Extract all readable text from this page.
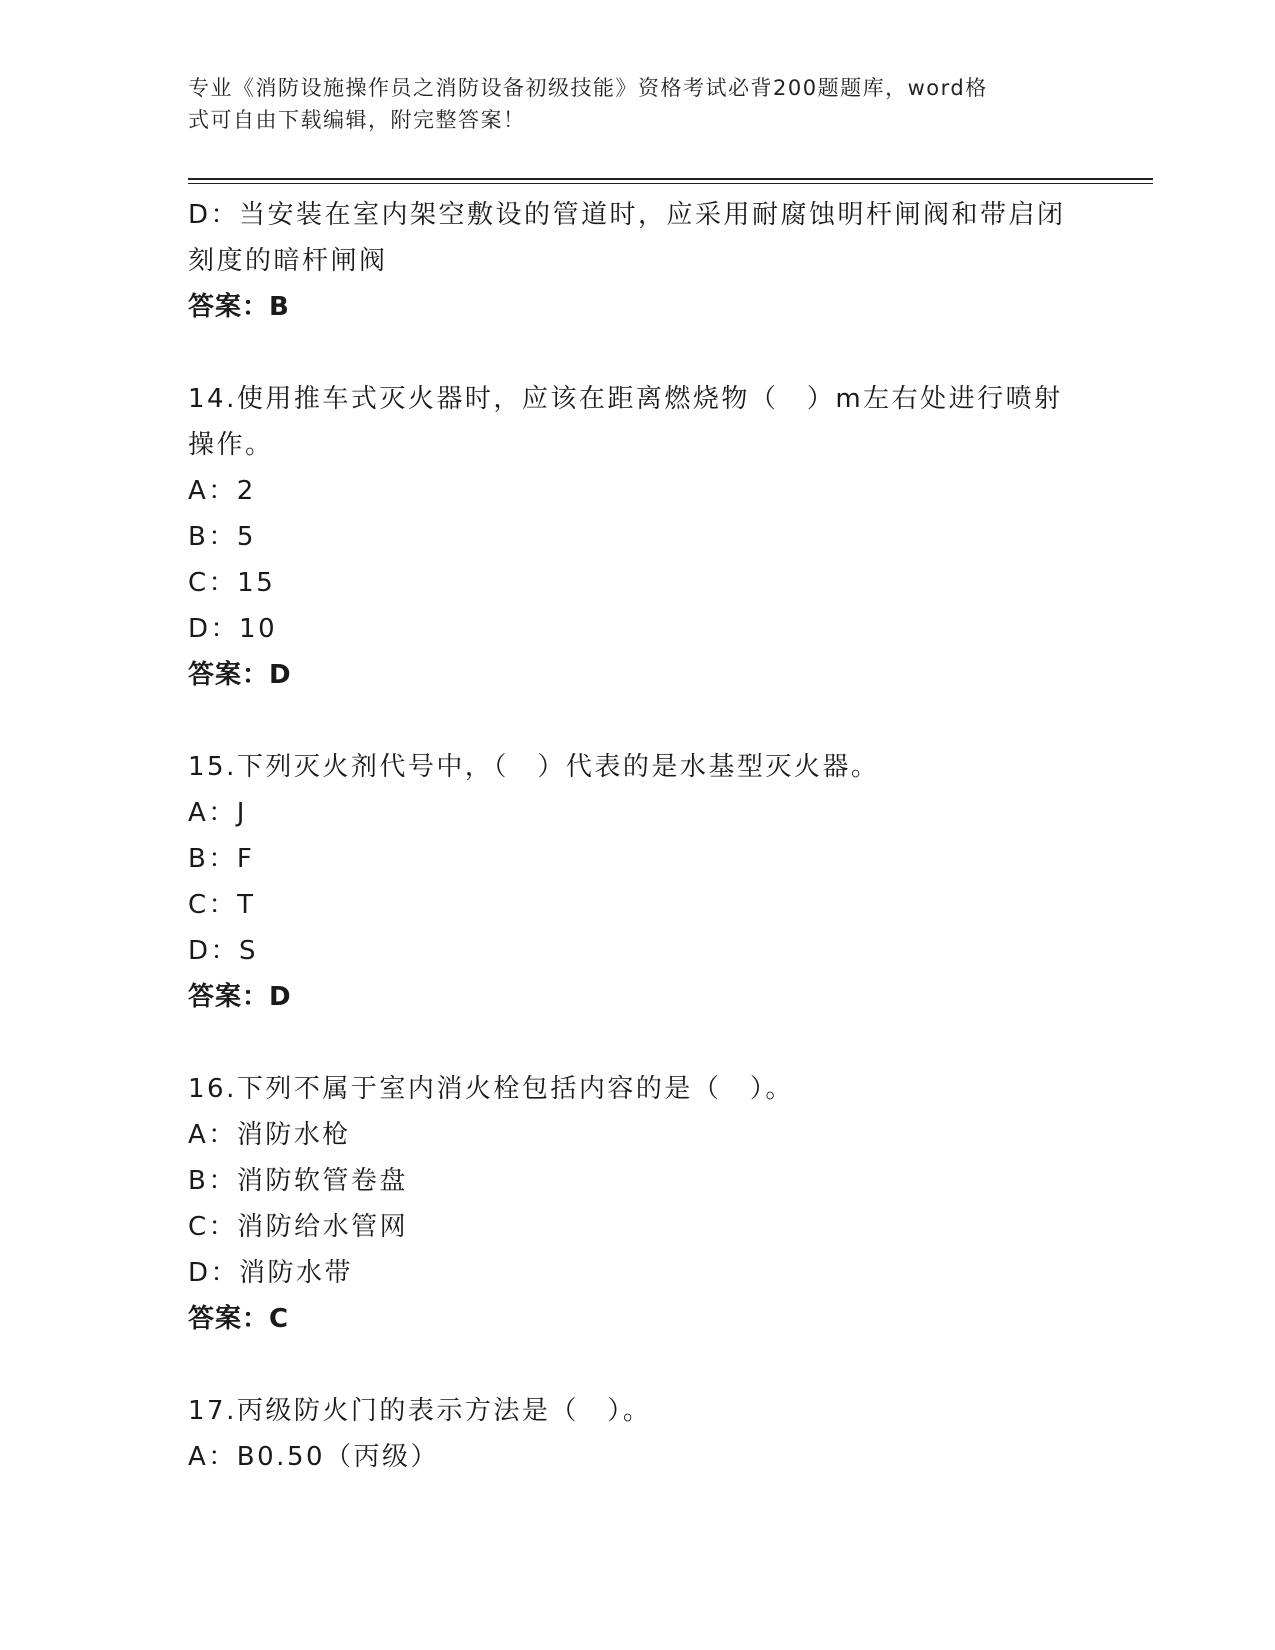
专业《消防设施操作员之消防设备初级技能》资格考试必背200题题库，word格
式可自由下载编辑，附完整答案！

D：当安装在室内架空敷设的管道时，应采用耐腐蚀明杆闸阀和带启闭

刻度的暗杆闸阀

答案：B

14.使用推车式灭火器时，应该在距离燃烧物（　）m左右处进行喷射

操作。

A：2

B：5

C：15

D：10

答案：D

15.下列灭火剂代号中，（　）代表的是水基型灭火器。

A：J

B：F

C：T

D：S

答案：D

16.下列不属于室内消火栓包括内容的是（　）。

A：消防水枪

B：消防软管卷盘

C：消防给水管网

D：消防水带

答案：C

17.丙级防火门的表示方法是（　）。

A：B0.50（丙级）
